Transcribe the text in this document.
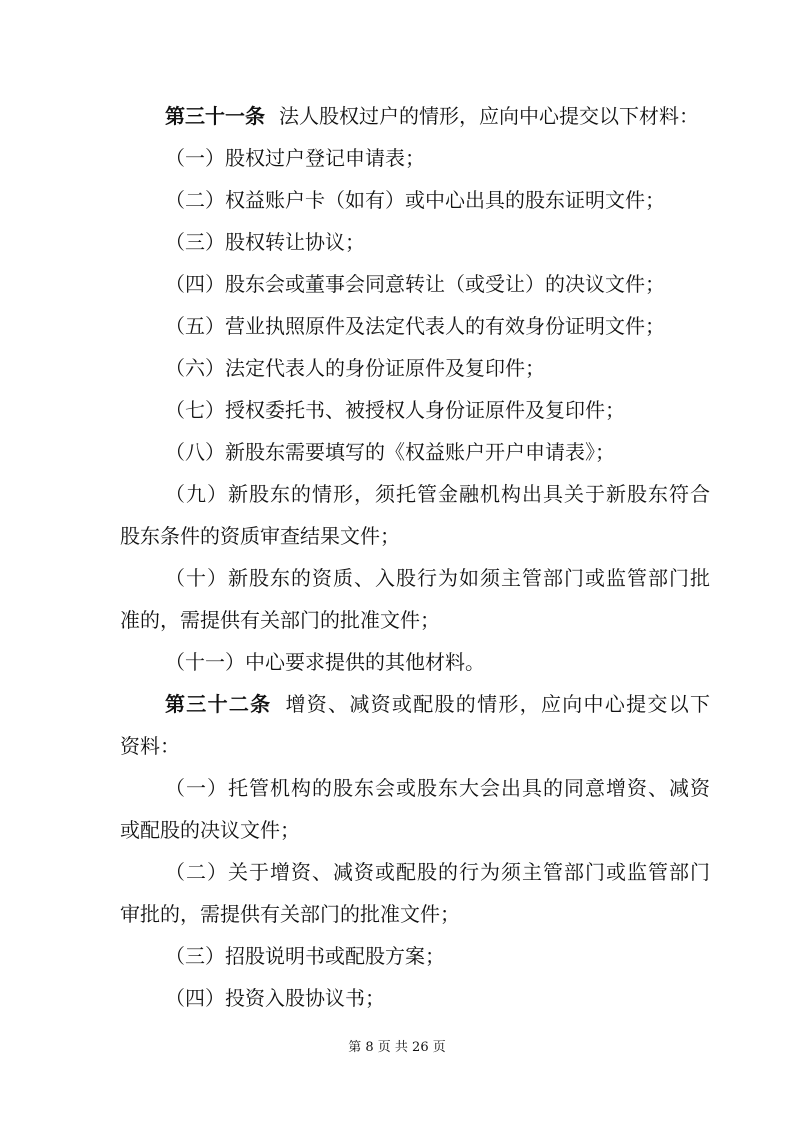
第三十一条 法人股权过户的情形，应向中心提交以下材料：
（一）股权过户登记申请表；
（二）权益账户卡（如有）或中心出具的股东证明文件；
（三）股权转让协议；
（四）股东会或董事会同意转让（或受让）的决议文件；
（五）营业执照原件及法定代表人的有效身份证明文件；
（六）法定代表人的身份证原件及复印件；
（七）授权委托书、被授权人身份证原件及复印件；
（八）新股东需要填写的《权益账户开户申请表》；
（九）新股东的情形，须托管金融机构出具关于新股东符合
股东条件的资质审查结果文件；
（十）新股东的资质、入股行为如须主管部门或监管部门批
准的，需提供有关部门的批准文件；
（十一）中心要求提供的其他材料。
第三十二条 增资、减资或配股的情形，应向中心提交以下
资料：
（一）托管机构的股东会或股东大会出具的同意增资、减资
或配股的决议文件；
（二）关于增资、减资或配股的行为须主管部门或监管部门
审批的，需提供有关部门的批准文件；
（三）招股说明书或配股方案；
（四）投资入股协议书；
第 8 页 共 26 页
